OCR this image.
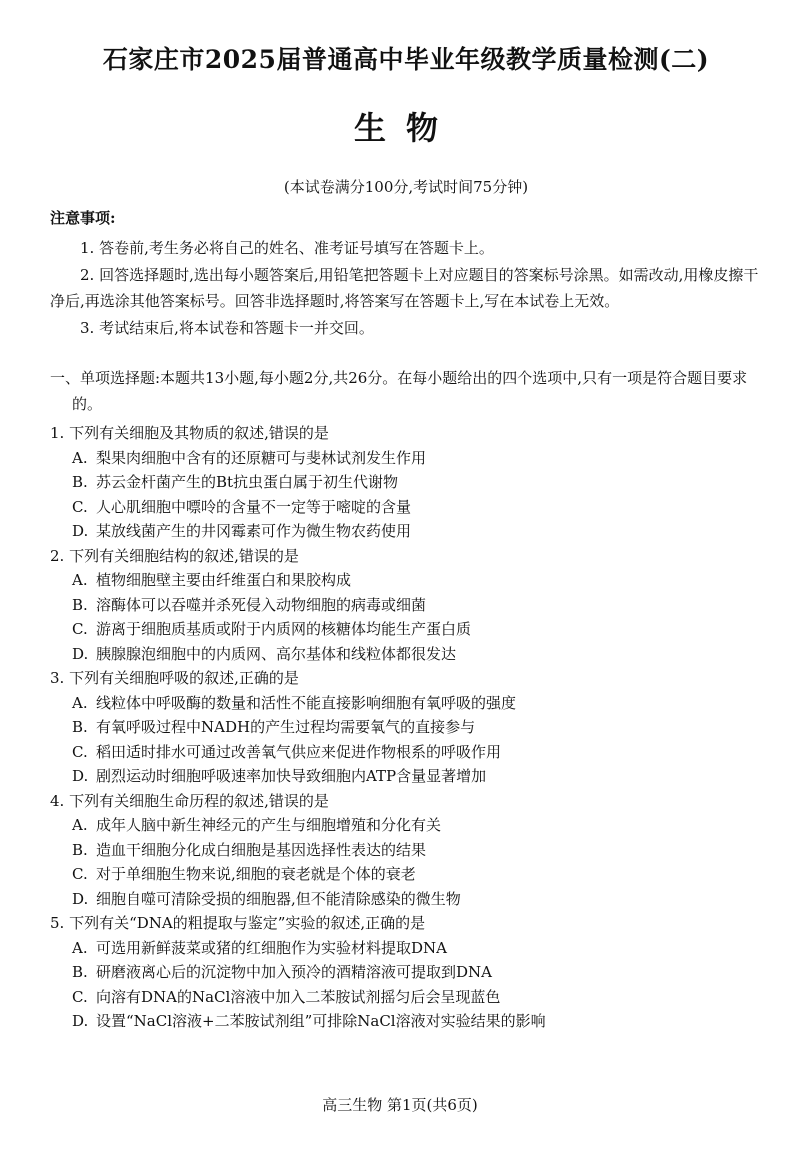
石家庄市2025届普通高中毕业年级教学质量检测(二)
生物
(本试卷满分100分,考试时间75分钟)
注意事项:

1. 答卷前,考生务必将自己的姓名、准考证号填写在答题卡上。

2. 回答选择题时,选出每小题答案后,用铅笔把答题卡上对应题目的答案标号涂黑。如需改动,用橡皮擦干净后,再选涂其他答案标号。回答非选择题时,将答案写在答题卡上,写在本试卷上无效。

3. 考试结束后,将本试卷和答题卡一并交回。

一、单项选择题:本题共13小题,每小题2分,共26分。在每小题给出的四个选项中,只有一项是符合题目要求的。
1. 下列有关细胞及其物质的叙述,错误的是
A. 梨果肉细胞中含有的还原糖可与斐林试剂发生作用
B. 苏云金杆菌产生的Bt抗虫蛋白属于初生代谢物
C. 人心肌细胞中嘌呤的含量不一定等于嘧啶的含量
D. 某放线菌产生的井冈霉素可作为微生物农药使用
2. 下列有关细胞结构的叙述,错误的是
A. 植物细胞壁主要由纤维蛋白和果胶构成
B. 溶酶体可以吞噬并杀死侵入动物细胞的病毒或细菌
C. 游离于细胞质基质或附于内质网的核糖体均能生产蛋白质
D. 胰腺腺泡细胞中的内质网、高尔基体和线粒体都很发达
3. 下列有关细胞呼吸的叙述,正确的是
A. 线粒体中呼吸酶的数量和活性不能直接影响细胞有氧呼吸的强度
B. 有氧呼吸过程中NADH的产生过程均需要氧气的直接参与
C. 稻田适时排水可通过改善氧气供应来促进作物根系的呼吸作用
D. 剧烈运动时细胞呼吸速率加快导致细胞内ATP含量显著增加
4. 下列有关细胞生命历程的叙述,错误的是
A. 成年人脑中新生神经元的产生与细胞增殖和分化有关
B. 造血干细胞分化成白细胞是基因选择性表达的结果
C. 对于单细胞生物来说,细胞的衰老就是个体的衰老
D. 细胞自噬可清除受损的细胞器,但不能清除感染的微生物
5. 下列有关“DNA的粗提取与鉴定”实验的叙述,正确的是
A. 可选用新鲜菠菜或猪的红细胞作为实验材料提取DNA
B. 研磨液离心后的沉淀物中加入预冷的酒精溶液可提取到DNA
C. 向溶有DNA的NaCl溶液中加入二苯胺试剂摇匀后会呈现蓝色
D. 设置“NaCl溶液+二苯胺试剂组”可排除NaCl溶液对实验结果的影响
高三生物 第1页(共6页)
